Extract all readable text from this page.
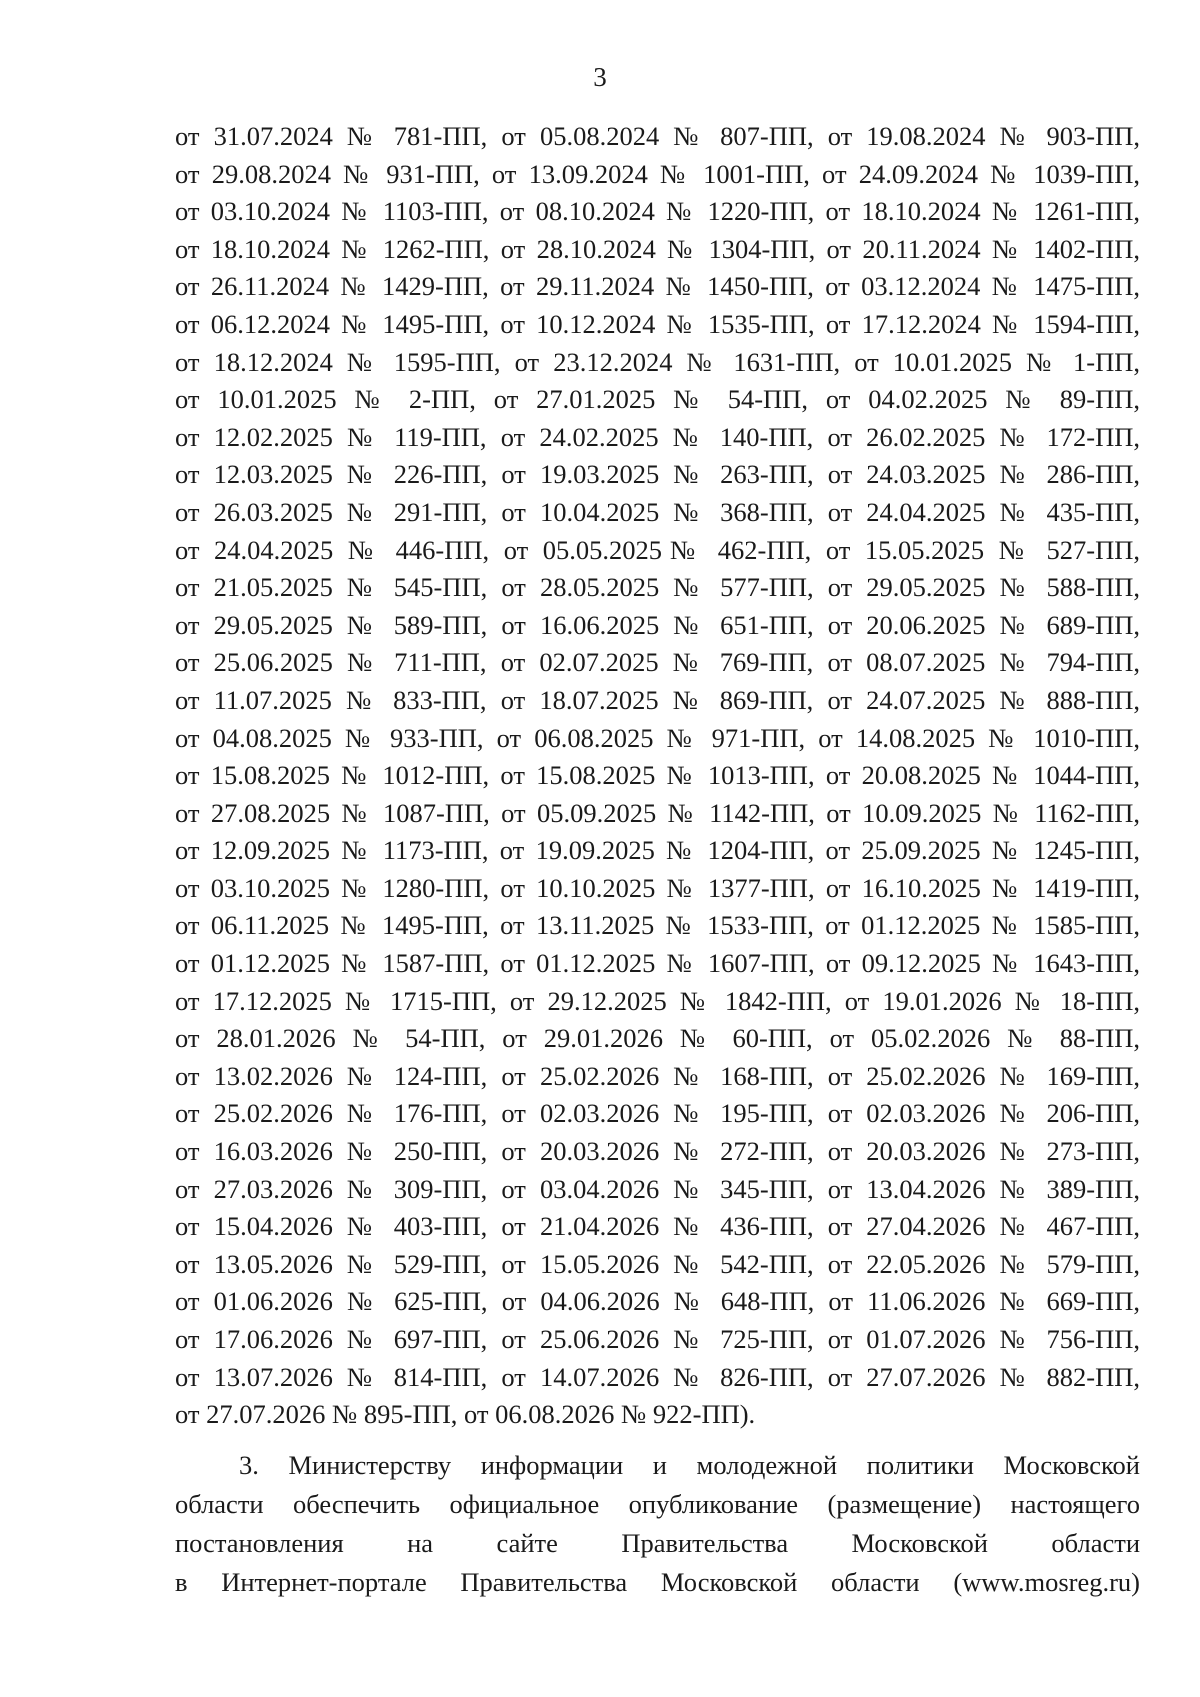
3
от 31.07.2024 № 781-ПП, от 05.08.2024 № 807-ПП, от 19.08.2024 № 903-ПП,
от 29.08.2024 № 931-ПП, от 13.09.2024 № 1001-ПП, от 24.09.2024 № 1039-ПП,
от 03.10.2024 № 1103-ПП, от 08.10.2024 № 1220-ПП, от 18.10.2024 № 1261-ПП,
от 18.10.2024 № 1262-ПП, от 28.10.2024 № 1304-ПП, от 20.11.2024 № 1402-ПП,
от 26.11.2024 № 1429-ПП, от 29.11.2024 № 1450-ПП, от 03.12.2024 № 1475-ПП,
от 06.12.2024 № 1495-ПП, от 10.12.2024 № 1535-ПП, от 17.12.2024 № 1594-ПП,
от 18.12.2024 № 1595-ПП, от 23.12.2024 № 1631-ПП, от 10.01.2025 № 1-ПП,
от 10.01.2025 № 2-ПП, от 27.01.2025 № 54-ПП, от 04.02.2025 № 89-ПП,
от 12.02.2025 № 119-ПП, от 24.02.2025 № 140-ПП, от 26.02.2025 № 172-ПП,
от 12.03.2025 № 226-ПП, от 19.03.2025 № 263-ПП, от 24.03.2025 № 286-ПП,
от 26.03.2025 № 291-ПП, от 10.04.2025 № 368-ПП, от 24.04.2025 № 435-ПП,
от 24.04.2025 № 446-ПП, от 05.05.2025№ 462-ПП, от 15.05.2025 № 527-ПП,
от 21.05.2025 № 545-ПП, от 28.05.2025 № 577-ПП, от 29.05.2025 № 588-ПП,
от 29.05.2025 № 589-ПП, от 16.06.2025 № 651-ПП, от 20.06.2025 № 689-ПП,
от 25.06.2025 № 711-ПП, от 02.07.2025 № 769-ПП, от 08.07.2025 № 794-ПП,
от 11.07.2025 № 833-ПП, от 18.07.2025 № 869-ПП, от 24.07.2025 № 888-ПП,
от 04.08.2025 № 933-ПП, от 06.08.2025 № 971-ПП, от 14.08.2025 № 1010-ПП,
от 15.08.2025 № 1012-ПП, от 15.08.2025 № 1013-ПП, от 20.08.2025 № 1044-ПП,
от 27.08.2025 № 1087-ПП, от 05.09.2025 № 1142-ПП, от 10.09.2025 № 1162-ПП,
от 12.09.2025 № 1173-ПП, от 19.09.2025 № 1204-ПП, от 25.09.2025 № 1245-ПП,
от 03.10.2025 № 1280-ПП, от 10.10.2025 № 1377-ПП, от 16.10.2025 № 1419-ПП,
от 06.11.2025 № 1495-ПП, от 13.11.2025 № 1533-ПП, от 01.12.2025 № 1585-ПП,
от 01.12.2025 № 1587-ПП, от 01.12.2025 № 1607-ПП, от 09.12.2025 № 1643-ПП,
от 17.12.2025 № 1715-ПП, от 29.12.2025 № 1842-ПП, от 19.01.2026 № 18-ПП,
от 28.01.2026 № 54-ПП, от 29.01.2026 № 60-ПП, от 05.02.2026 № 88-ПП,
от 13.02.2026 № 124-ПП, от 25.02.2026 № 168-ПП, от 25.02.2026 № 169-ПП,
от 25.02.2026 № 176-ПП, от 02.03.2026 № 195-ПП, от 02.03.2026 № 206-ПП,
от 16.03.2026 № 250-ПП, от 20.03.2026 № 272-ПП, от 20.03.2026 № 273-ПП,
от 27.03.2026 № 309-ПП, от 03.04.2026 № 345-ПП, от 13.04.2026 № 389-ПП,
от 15.04.2026 № 403-ПП, от 21.04.2026 № 436-ПП, от 27.04.2026 № 467-ПП,
от 13.05.2026 № 529-ПП, от 15.05.2026 № 542-ПП, от 22.05.2026 № 579-ПП,
от 01.06.2026 № 625-ПП, от 04.06.2026 № 648-ПП, от 11.06.2026 № 669-ПП,
от 17.06.2026 № 697-ПП, от 25.06.2026 № 725-ПП, от 01.07.2026 № 756-ПП,
от 13.07.2026 № 814-ПП, от 14.07.2026 № 826-ПП, от 27.07.2026 № 882-ПП,
от 27.07.2026 № 895-ПП, от 06.08.2026 № 922-ПП).
3. Министерству информации и молодежной политики Московской
области обеспечить официальное опубликование (размещение) настоящего
постановления на сайте Правительства Московской области
в Интернет-портале Правительства Московской области (www.mosreg.ru)
